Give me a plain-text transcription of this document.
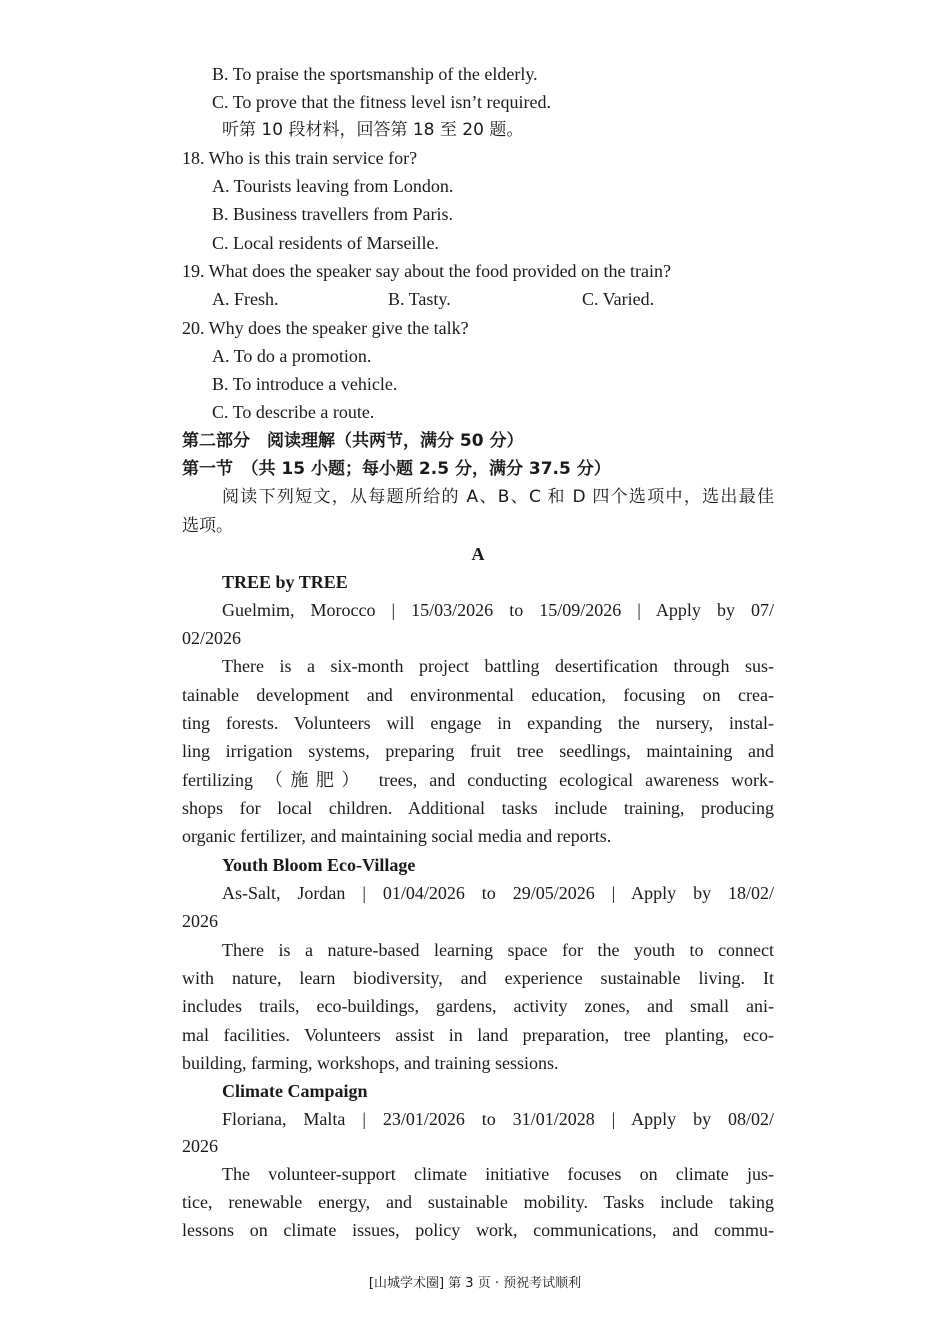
B. To praise the sportsmanship of the elderly.
C. To prove that the fitness level isn’t required.
听第 10 段材料，回答第 18 至 20 题。
18. Who is this train service for?
A. Tourists leaving from London.
B. Business travellers from Paris.
C. Local residents of Marseille.
19. What does the speaker say about the food provided on the train?
A. Fresh.	B. Tasty.	C. Varied.
20. Why does the speaker give the talk?
A. To do a promotion.
B. To introduce a vehicle.
C. To describe a route.
第二部分　阅读理解（共两节，满分 50 分）
第一节　（共 15 小题；每小题 2.5 分，满分 37.5 分）
阅读下列短文，从每题所给的 A、B、C 和 D 四个选项中，选出最佳
选项。
A
TREE by TREE
Guelmim, Morocco | 15/03/2026 to 15/09/2026 | Apply by 07/
02/2026
There is a six-month project battling desertification through sus-
tainable development and environmental education, focusing on crea-
ting forests. Volunteers will engage in expanding the nursery, instal-
ling irrigation systems, preparing fruit tree seedlings, maintaining and
fertilizing （施肥） trees, and conducting ecological awareness work-
shops for local children. Additional tasks include training, producing
organic fertilizer, and maintaining social media and reports.
Youth Bloom Eco-Village
As-Salt, Jordan | 01/04/2026 to 29/05/2026 | Apply by 18/02/
2026
There is a nature-based learning space for the youth to connect
with nature, learn biodiversity, and experience sustainable living. It
includes trails, eco-buildings, gardens, activity zones, and small ani-
mal facilities. Volunteers assist in land preparation, tree planting, eco-
building, farming, workshops, and training sessions.
Climate Campaign
Floriana, Malta | 23/01/2026 to 31/01/2028 | Apply by 08/02/
2026
The volunteer-support climate initiative focuses on climate jus-
tice, renewable energy, and sustainable mobility. Tasks include taking
lessons on climate issues, policy work, communications, and commu-
[山城学术圈] 第 3 页 · 预祝考试顺利
